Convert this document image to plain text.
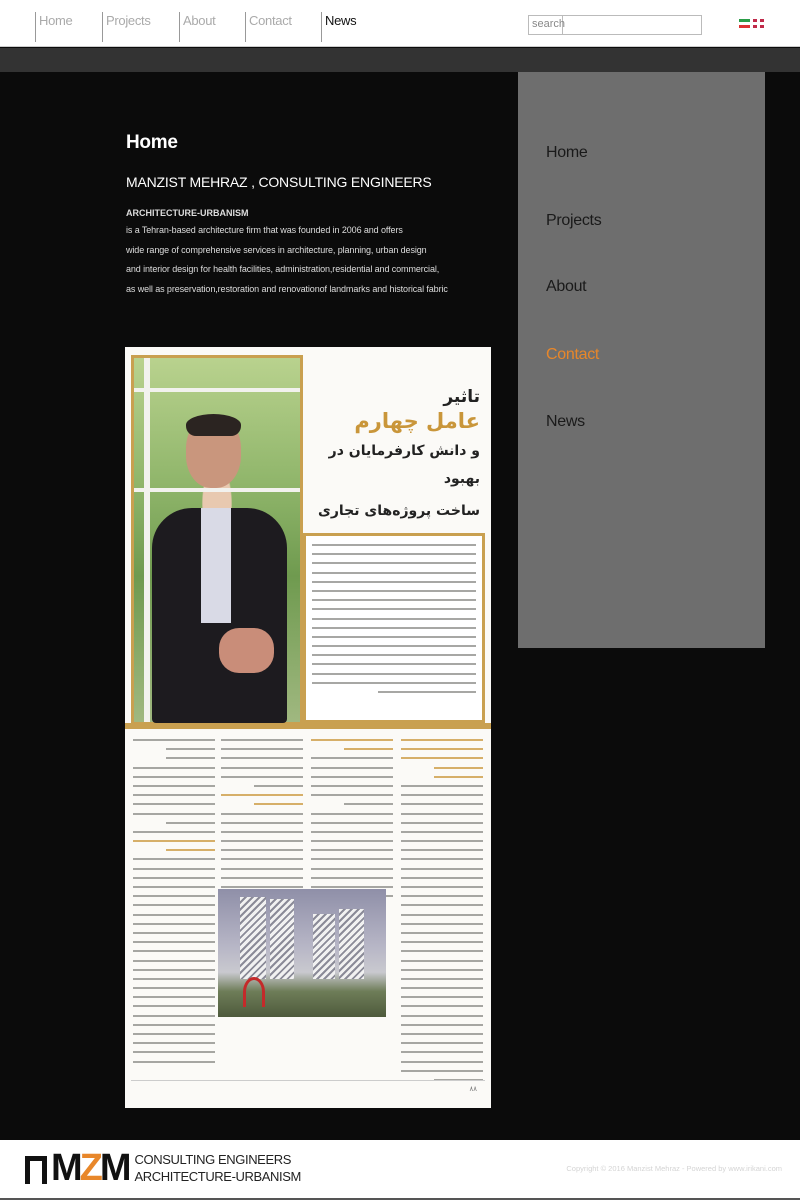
Home	Projects	About	Contact	News	search
Home
MANZIST MEHRAZ , CONSULTING ENGINEERS
ARCHITECTURE-URBANISM
is a Tehran-based architecture firm that was founded in 2006 and offers
wide range of comprehensive services in architecture, planning, urban design
and interior design for health facilities, administration,residential and commercial,
as well as preservation,restoration and renovationof landmarks and historical fabric
تاثیر
عامل چهارم
و دانش کارفرمایان در بهبود
ساخت پروژه‌های تجاری
۸۸
Home
Projects
About
Contact
News
MZM CONSULTING ENGINEERS
ARCHITECTURE-URBANISM
Copyright © 2016 Manzist Mehraz - Powered by www.irikani.com
